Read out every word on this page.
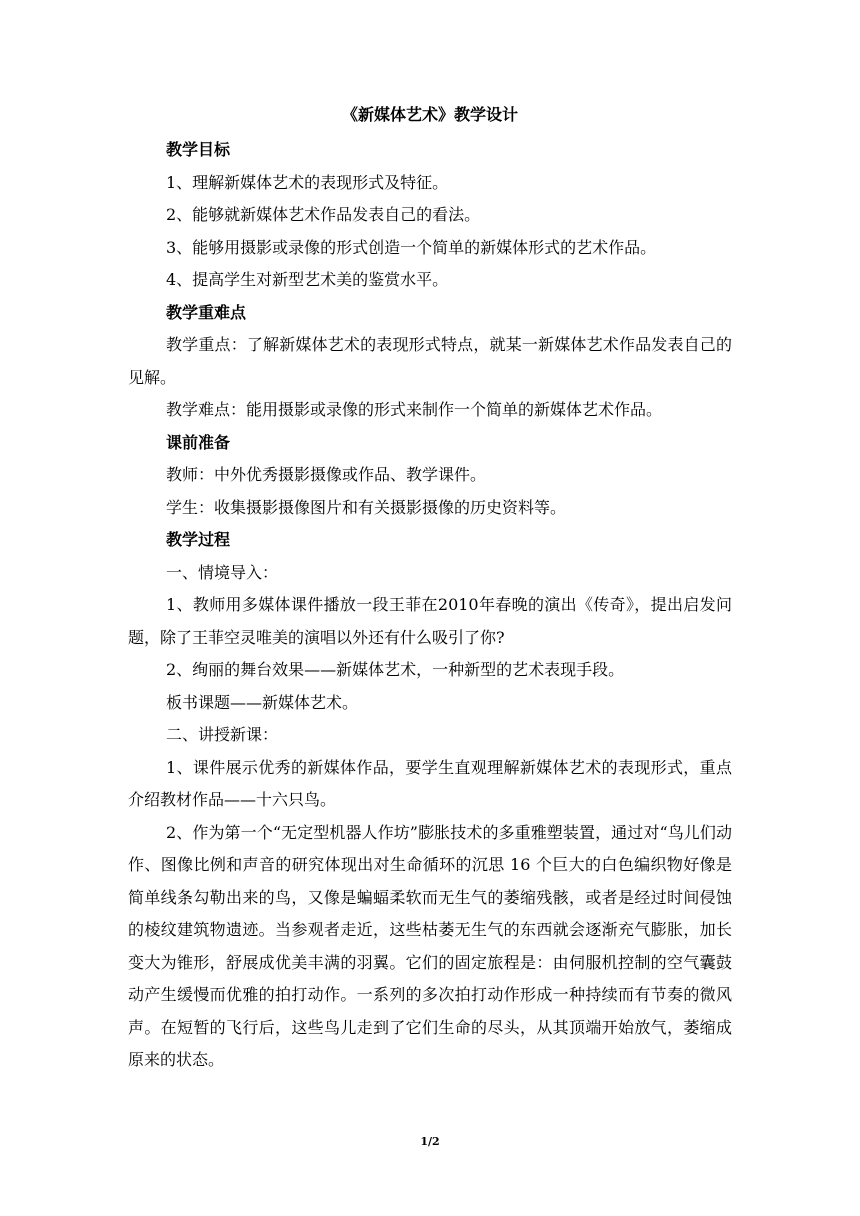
《新媒体艺术》教学设计

教学目标

1、理解新媒体艺术的表现形式及特征。

2、能够就新媒体艺术作品发表自己的看法。

3、能够用摄影或录像的形式创造一个简单的新媒体形式的艺术作品。

4、提高学生对新型艺术美的鉴赏水平。

教学重难点

教学重点：了解新媒体艺术的表现形式特点，就某一新媒体艺术作品发表自己的见解。

教学难点：能用摄影或录像的形式来制作一个简单的新媒体艺术作品。

课前准备

教师：中外优秀摄影摄像或作品、教学课件。

学生：收集摄影摄像图片和有关摄影摄像的历史资料等。

教学过程

一、情境导入：

1、教师用多媒体课件播放一段王菲在2010年春晚的演出《传奇》，提出启发问题，除了王菲空灵唯美的演唱以外还有什么吸引了你?

2、绚丽的舞台效果——新媒体艺术，一种新型的艺术表现手段。

板书课题——新媒体艺术。

二、讲授新课：

1、课件展示优秀的新媒体作品，要学生直观理解新媒体艺术的表现形式，重点介绍教材作品——十六只鸟。

2、作为第一个“无定型机器人作坊”膨胀技术的多重雅塑装置，通过对“鸟儿们动作、图像比例和声音的研究体现出对生命循环的沉思 16 个巨大的白色编织物好像是简单线条勾勒出来的鸟，又像是蝙蝠柔软而无生气的萎缩残骸，或者是经过时间侵蚀的棱纹建筑物遗迹。当参观者走近，这些枯萎无生气的东西就会逐渐充气膨胀，加长变大为锥形，舒展成优美丰满的羽翼。它们的固定旅程是：由伺服机控制的空气囊鼓动产生缓慢而优雅的拍打动作。一系列的多次拍打动作形成一种持续而有节奏的微风声。在短暂的飞行后，这些鸟儿走到了它们生命的尽头，从其顶端开始放气，萎缩成原来的状态。

1/2
